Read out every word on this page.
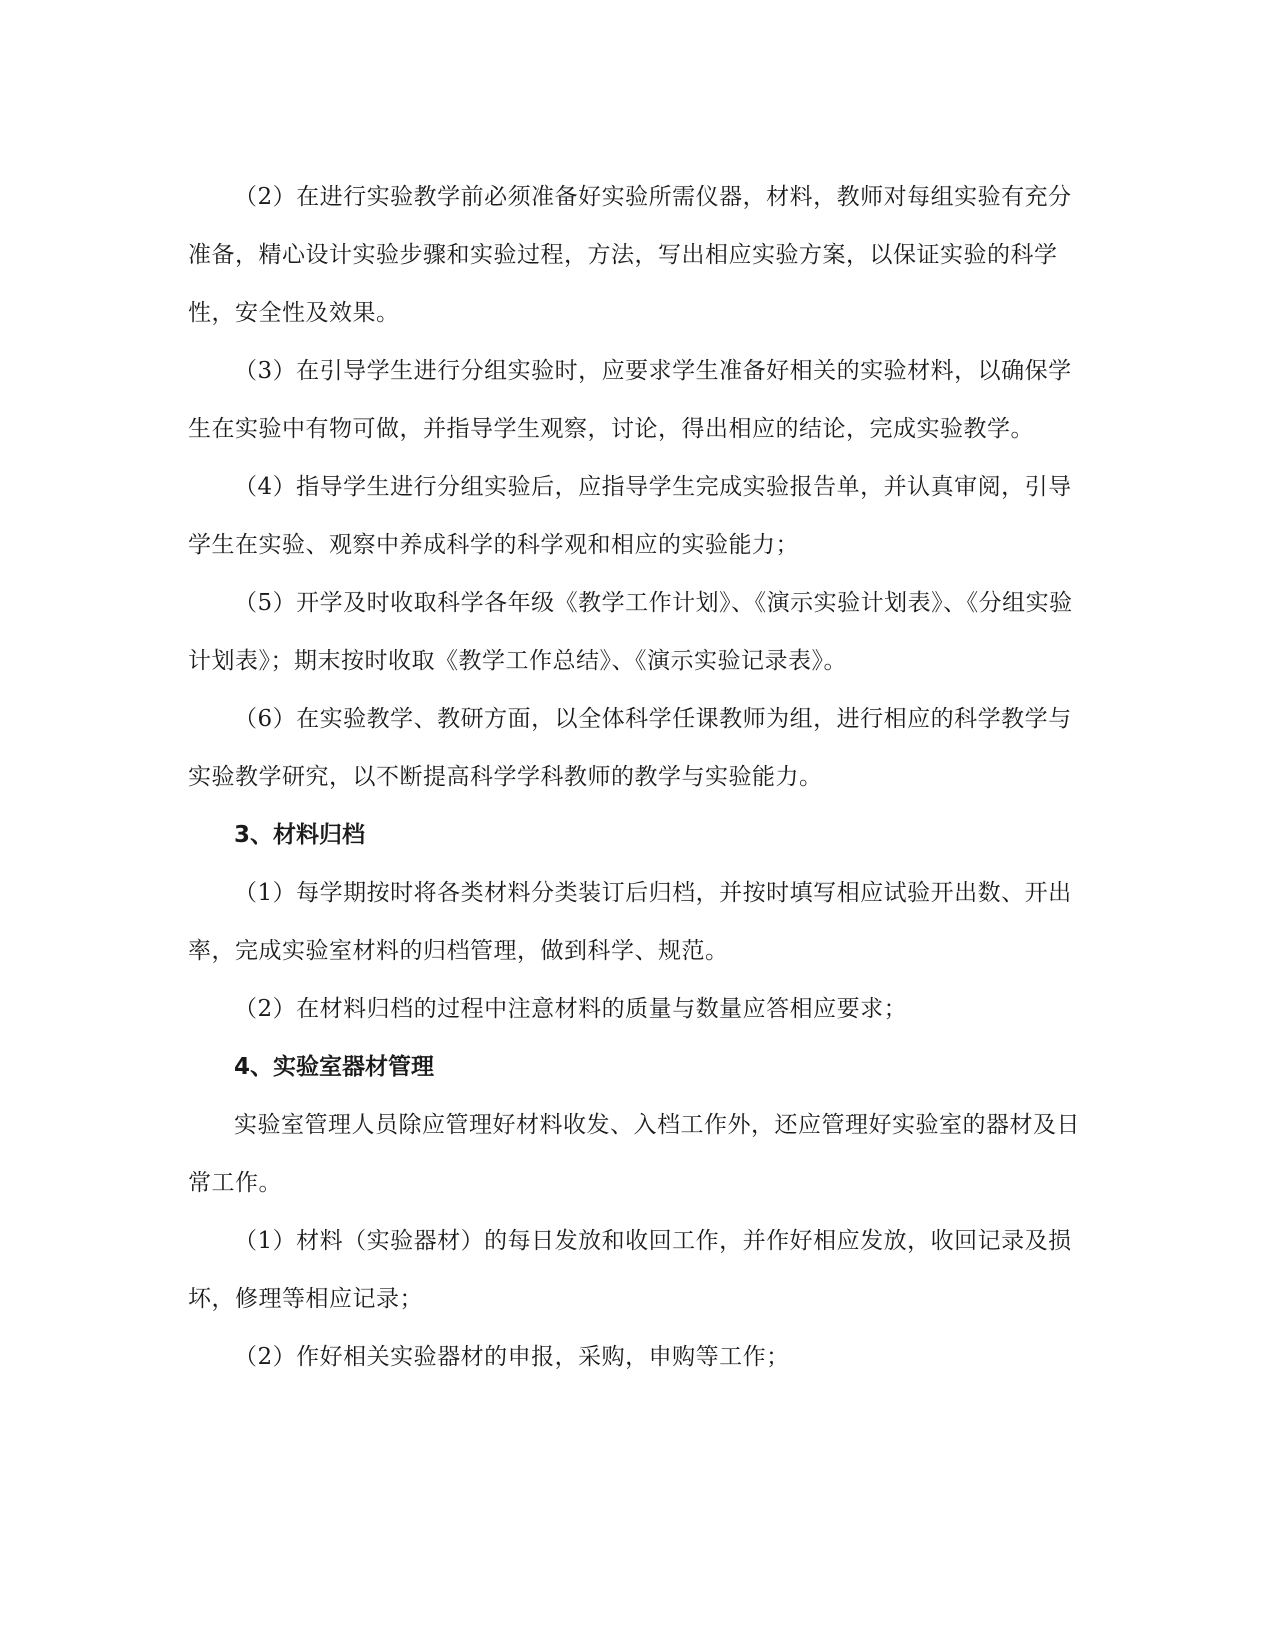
（2）在进行实验教学前必须准备好实验所需仪器，材料，教师对每组实验有充分准备，精心设计实验步骤和实验过程，方法，写出相应实验方案，以保证实验的科学性，安全性及效果。

（3）在引导学生进行分组实验时，应要求学生准备好相关的实验材料，以确保学生在实验中有物可做，并指导学生观察，讨论，得出相应的结论，完成实验教学。

（4）指导学生进行分组实验后，应指导学生完成实验报告单，并认真审阅，引导学生在实验、观察中养成科学的科学观和相应的实验能力；

（5）开学及时收取科学各年级《教学工作计划》、《演示实验计划表》、《分组实验计划表》；期末按时收取《教学工作总结》、《演示实验记录表》。

（6）在实验教学、教研方面，以全体科学任课教师为组，进行相应的科学教学与实验教学研究，以不断提高科学学科教师的教学与实验能力。

3、材料归档

（1）每学期按时将各类材料分类装订后归档，并按时填写相应试验开出数、开出率，完成实验室材料的归档管理，做到科学、规范。

（2）在材料归档的过程中注意材料的质量与数量应答相应要求；

4、实验室器材管理

实验室管理人员除应管理好材料收发、入档工作外，还应管理好实验室的器材及日常工作。

（1）材料（实验器材）的每日发放和收回工作，并作好相应发放，收回记录及损坏，修理等相应记录；

（2）作好相关实验器材的申报，采购，申购等工作；
